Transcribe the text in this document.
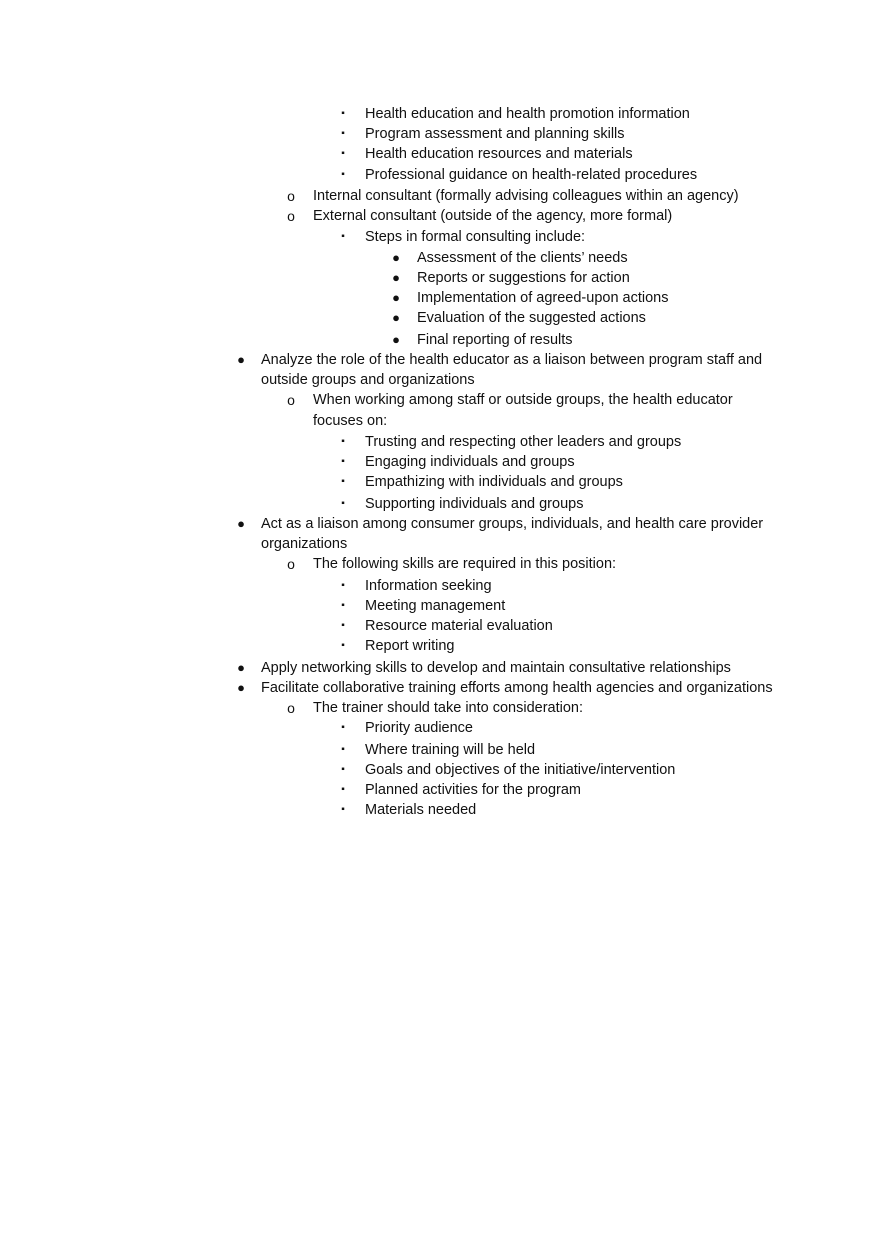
▪	Health education and health promotion information
▪	Program assessment and planning skills
▪	Health education resources and materials
▪	Professional guidance on health-related procedures
o	Internal consultant (formally advising colleagues within an agency)
o	External consultant (outside of the agency, more formal)
▪	Steps in formal consulting include:
●	Assessment of the clients’ needs
●	Reports or suggestions for action
●	Implementation of agreed-upon actions
●	Evaluation of the suggested actions
●	Final reporting of results
●	Analyze the role of the health educator as a liaison between program staff and
outside groups and organizations
o	When working among staff or outside groups, the health educator
focuses on:
▪	Trusting and respecting other leaders and groups
▪	Engaging individuals and groups
▪	Empathizing with individuals and groups
▪	Supporting individuals and groups
●	Act as a liaison among consumer groups, individuals, and health care provider
organizations
o	The following skills are required in this position:
▪	Information seeking
▪	Meeting management
▪	Resource material evaluation
▪	Report writing
●	Apply networking skills to develop and maintain consultative relationships
●	Facilitate collaborative training efforts among health agencies and organizations
o	The trainer should take into consideration:
▪	Priority audience
▪	Where training will be held
▪	Goals and objectives of the initiative/intervention
▪	Planned activities for the program
▪	Materials needed
